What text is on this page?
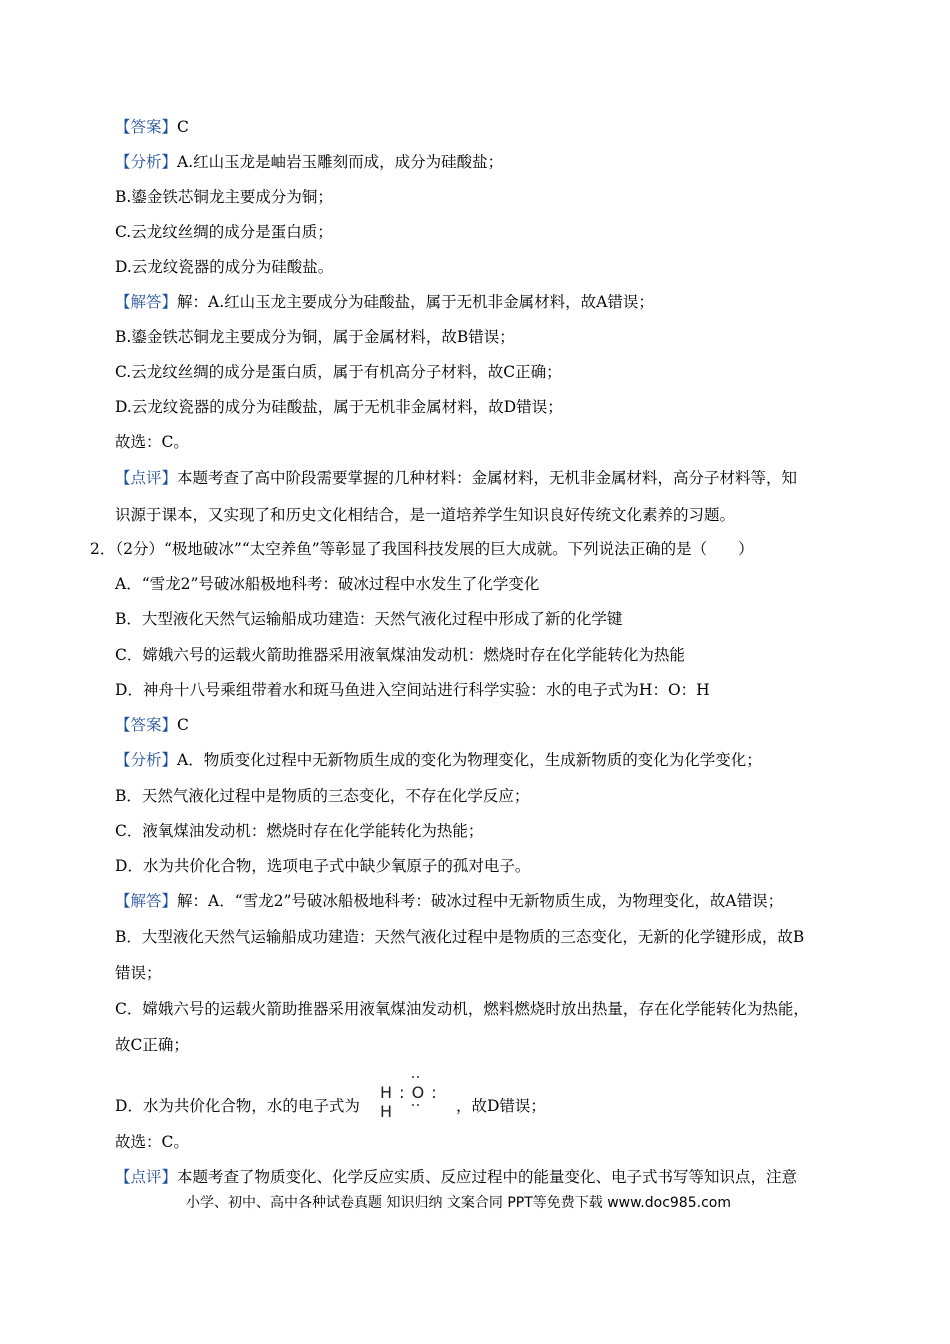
【答案】C
【分析】A.红山玉龙是岫岩玉雕刻而成，成分为硅酸盐；
B.鎏金铁芯铜龙主要成分为铜；
C.云龙纹丝绸的成分是蛋白质；
D.云龙纹瓷器的成分为硅酸盐。
【解答】解：A.红山玉龙主要成分为硅酸盐，属于无机非金属材料，故A错误；
B.鎏金铁芯铜龙主要成分为铜，属于金属材料，故B错误；
C.云龙纹丝绸的成分是蛋白质，属于有机高分子材料，故C正确；
D.云龙纹瓷器的成分为硅酸盐，属于无机非金属材料，故D错误；
故选：C。
【点评】本题考查了高中阶段需要掌握的几种材料：金属材料，无机非金属材料，高分子材料等，知
识源于课本，又实现了和历史文化相结合，是一道培养学生知识良好传统文化素养的习题。
2．（2分）“极地破冰”“太空养鱼”等彰显了我国科技发展的巨大成就。下列说法正确的是（　　）
A．“雪龙2”号破冰船极地科考：破冰过程中水发生了化学变化
B．大型液化天然气运输船成功建造：天然气液化过程中形成了新的化学键
C．嫦娥六号的运载火箭助推器采用液氧煤油发动机：燃烧时存在化学能转化为热能
D．神舟十八号乘组带着水和斑马鱼进入空间站进行科学实验：水的电子式为H：O：H
【答案】C
【分析】A．物质变化过程中无新物质生成的变化为物理变化，生成新物质的变化为化学变化；
B．天然气液化过程中是物质的三态变化，不存在化学反应；
C．液氧煤油发动机：燃烧时存在化学能转化为热能；
D．水为共价化合物，选项电子式中缺少氧原子的孤对电子。
【解答】解：A．“雪龙2”号破冰船极地科考：破冰过程中无新物质生成，为物理变化，故A错误；
B．大型液化天然气运输船成功建造：天然气液化过程中是物质的三态变化，无新的化学键形成，故B
错误；
C．嫦娥六号的运载火箭助推器采用液氧煤油发动机，燃料燃烧时放出热量，存在化学能转化为热能，
故C正确；
D．水为共价化合物，水的电子式为
H : O : H	，故D错误；
故选：C。
【点评】本题考查了物质变化、化学反应实质、反应过程中的能量变化、电子式书写等知识点，注意
小学、初中、高中各种试卷真题 知识归纳 文案合同 PPT等免费下载 www.doc985.com
